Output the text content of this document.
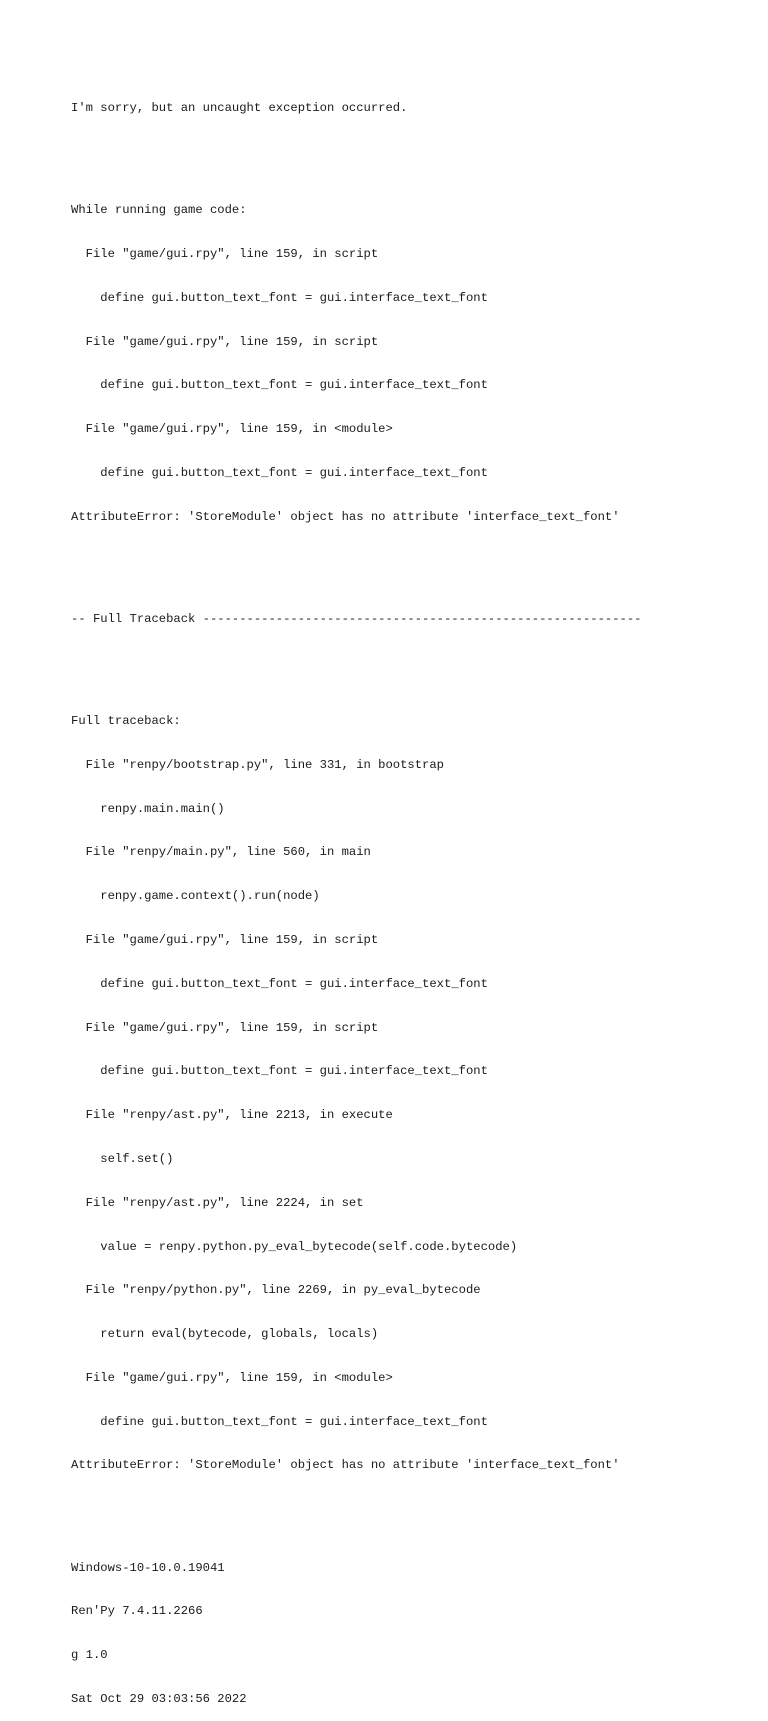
I'm sorry, but an uncaught exception occurred.

While running game code:

File "game/gui.rpy", line 159, in script

define gui.button_text_font = gui.interface_text_font

File "game/gui.rpy", line 159, in script

define gui.button_text_font = gui.interface_text_font

File "game/gui.rpy", line 159, in <module>

define gui.button_text_font = gui.interface_text_font

AttributeError: 'StoreModule' object has no attribute 'interface_text_font'

-- Full Traceback ------------------------------------------------------------

Full traceback:

File "renpy/bootstrap.py", line 331, in bootstrap

renpy.main.main()

File "renpy/main.py", line 560, in main

renpy.game.context().run(node)

File "game/gui.rpy", line 159, in script

define gui.button_text_font = gui.interface_text_font

File "game/gui.rpy", line 159, in script

define gui.button_text_font = gui.interface_text_font

File "renpy/ast.py", line 2213, in execute

self.set()

File "renpy/ast.py", line 2224, in set

value = renpy.python.py_eval_bytecode(self.code.bytecode)

File "renpy/python.py", line 2269, in py_eval_bytecode

return eval(bytecode, globals, locals)

File "game/gui.rpy", line 159, in <module>

define gui.button_text_font = gui.interface_text_font

AttributeError: 'StoreModule' object has no attribute 'interface_text_font'

Windows-10-10.0.19041

Ren'Py 7.4.11.2266

g 1.0

Sat Oct 29 03:03:56 2022
